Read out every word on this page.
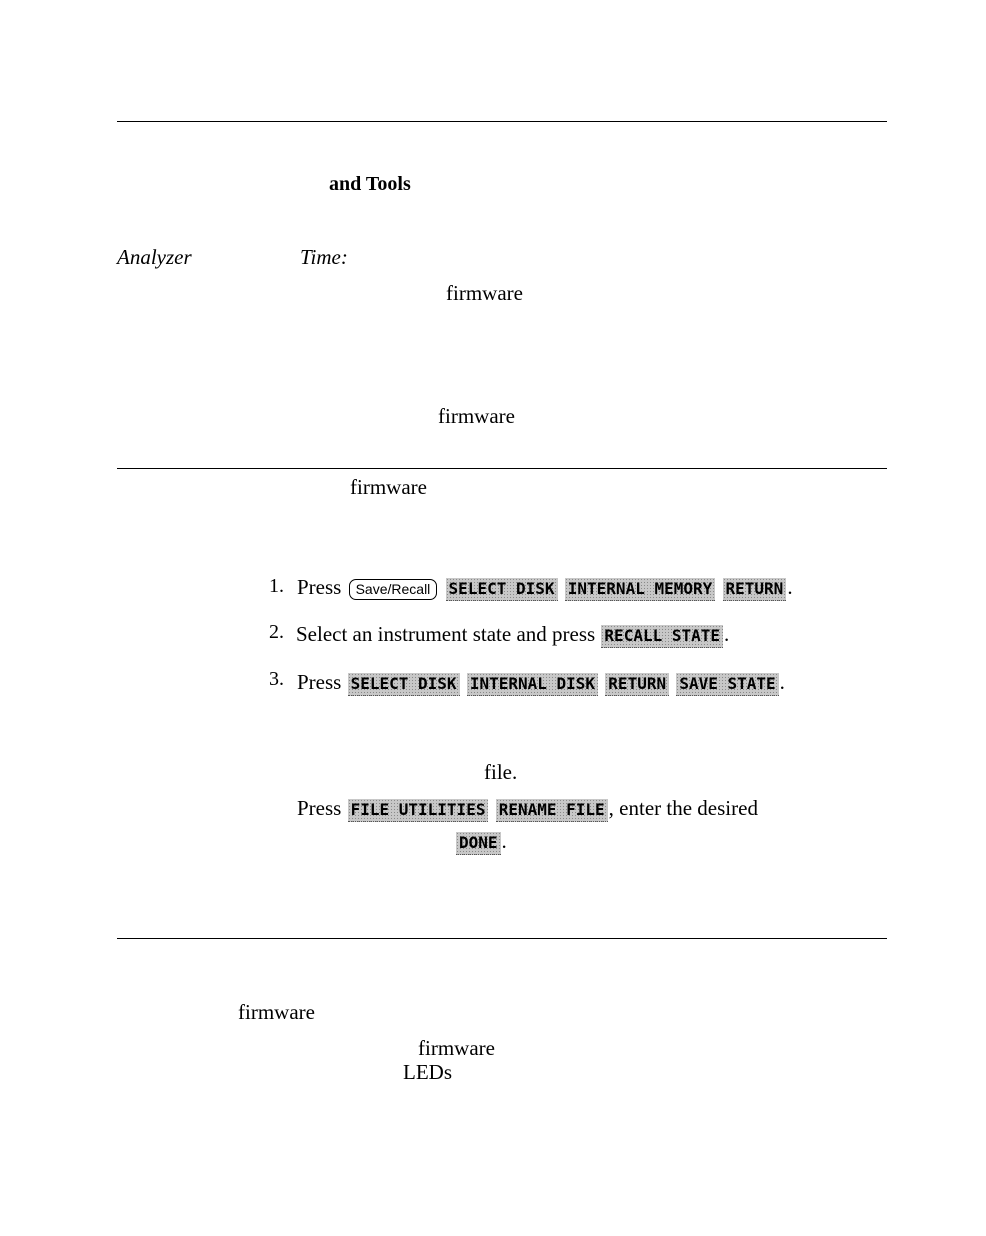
and Tools
Analyzer	Time:
firmware
firmware
firmware
1. Press Save/Recall SELECT DISK INTERNAL MEMORY RETURN .
2. Select an instrument state and press RECALL STATE .
3. Press SELECT DISK INTERNAL DISK RETURN SAVE STATE .
file.
Press FILE UTILITIES RENAME FILE , enter the desired
DONE .
firmware
firmware
LEDs
